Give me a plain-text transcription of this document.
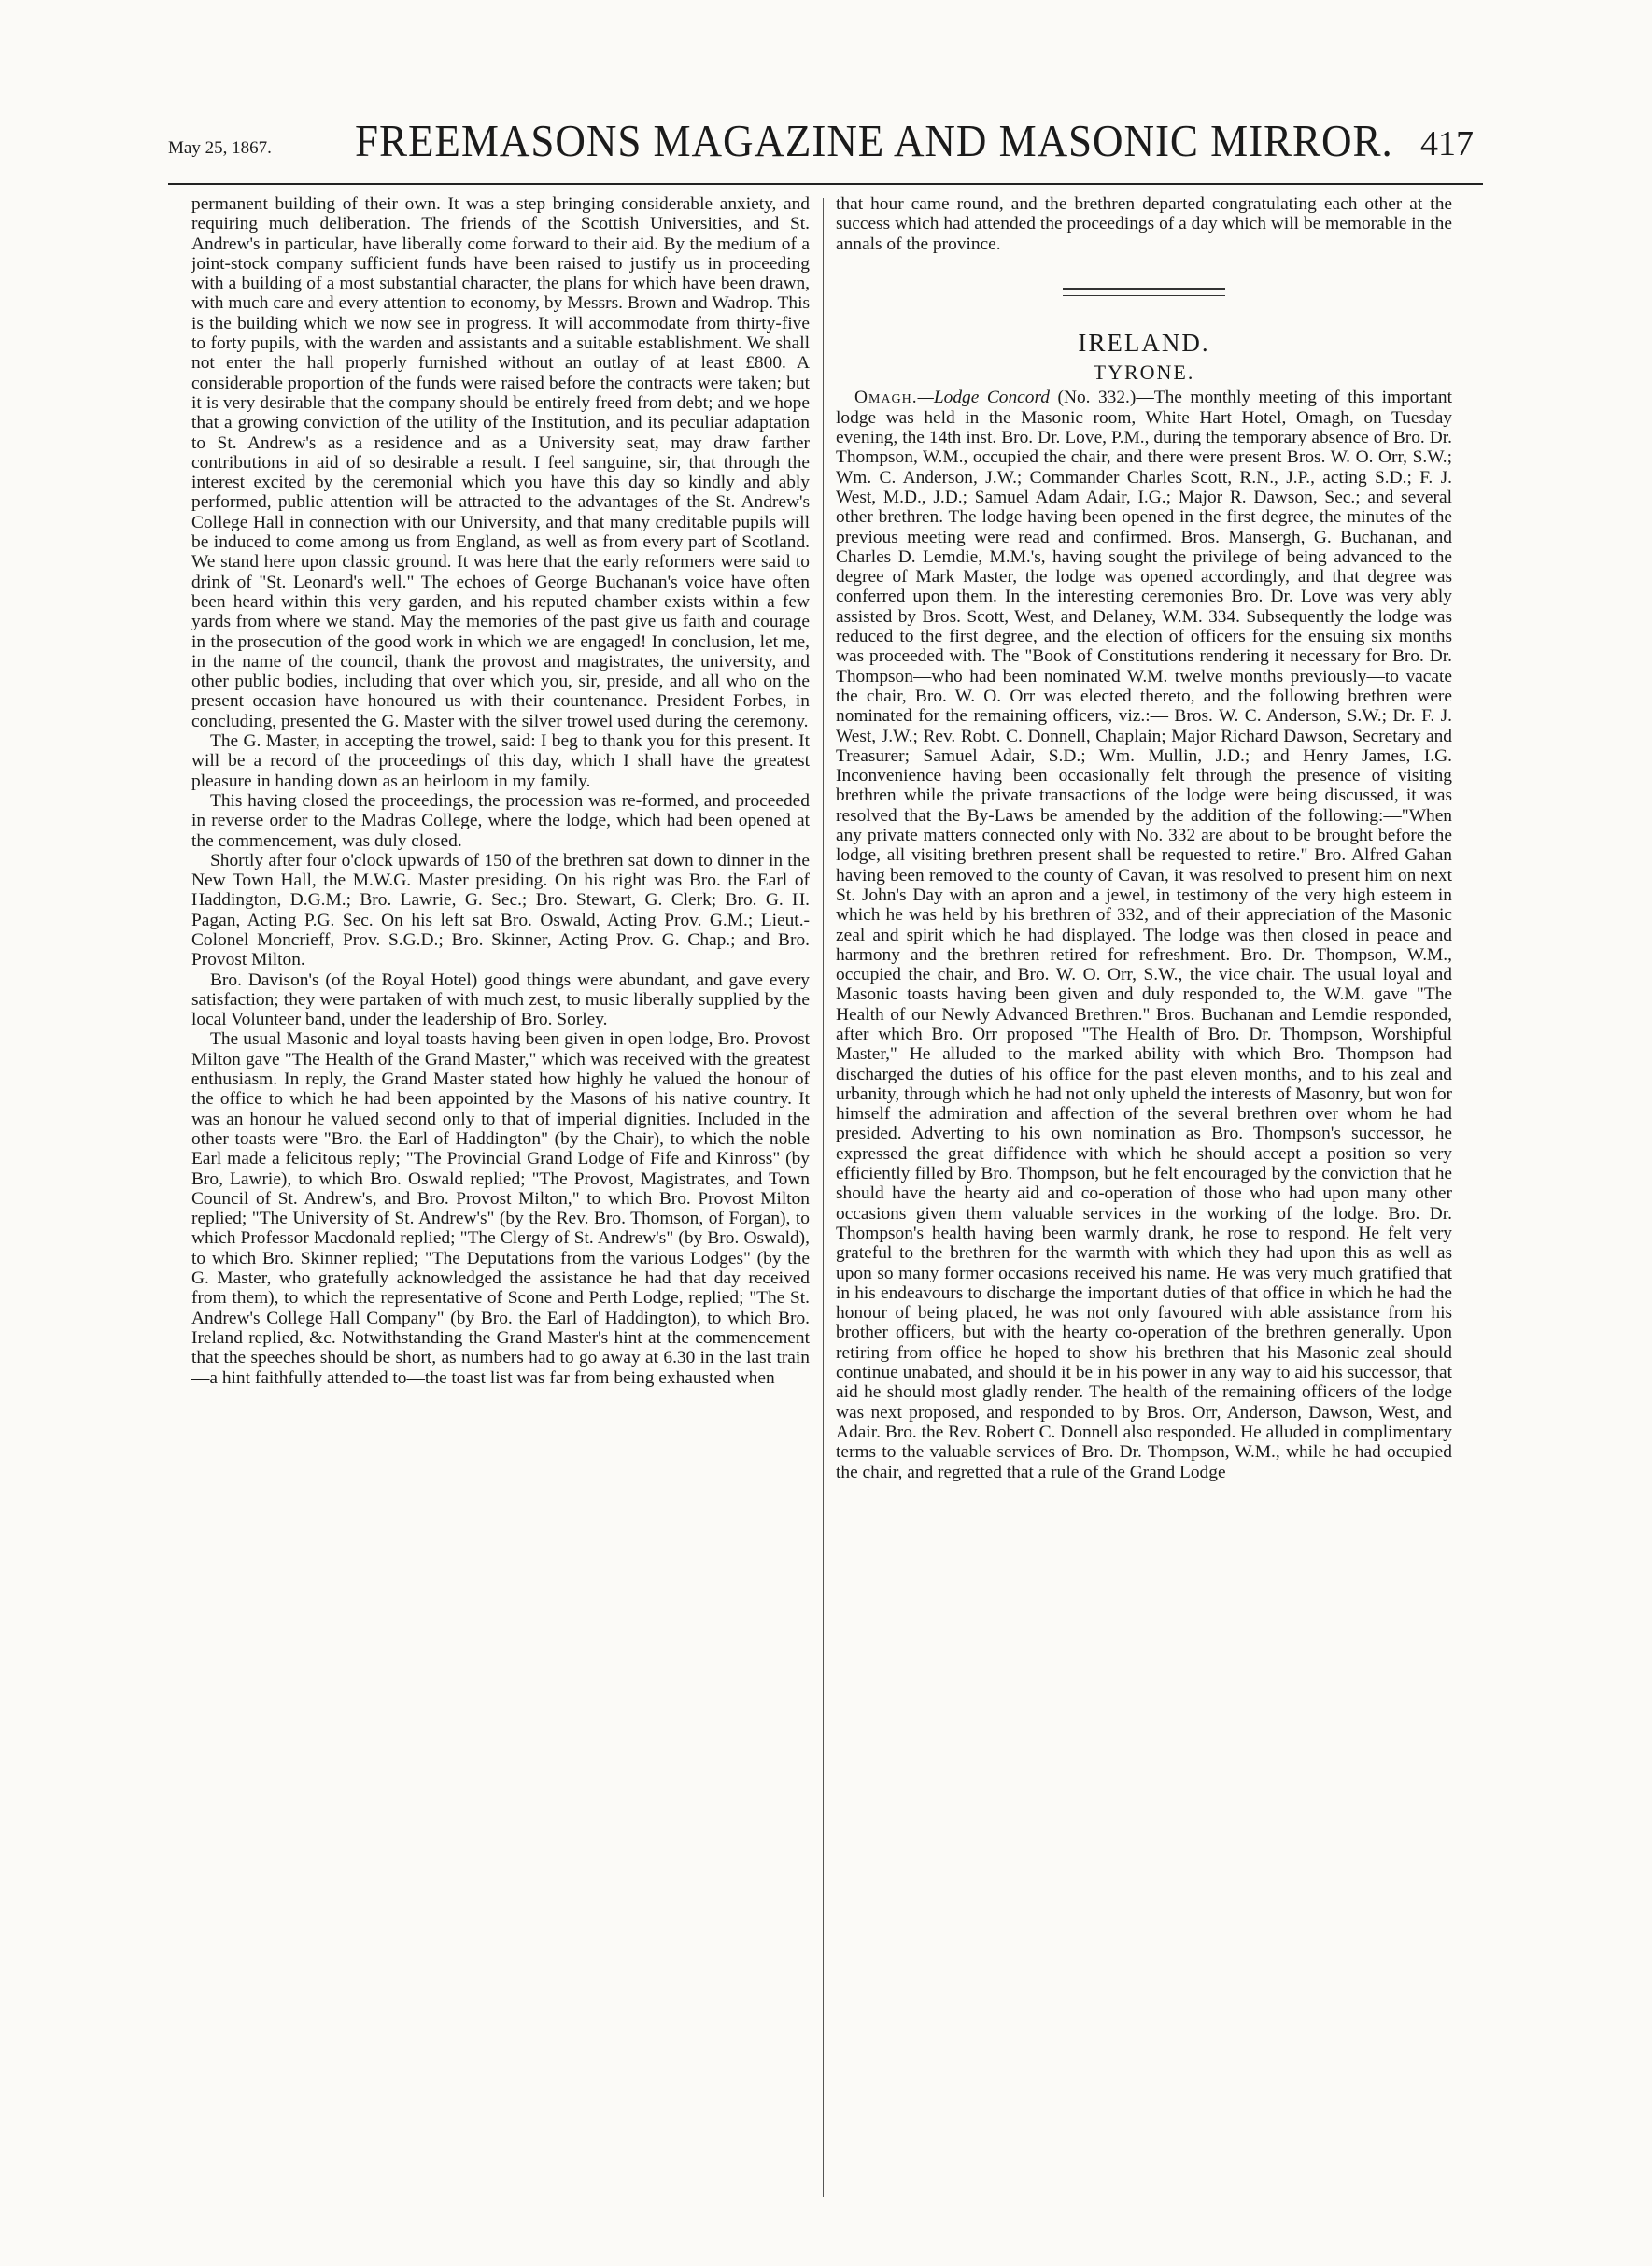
May 25, 1867. FREEMASONS MAGAZINE AND MASONIC MIRROR. 417

permanent building of their own. It was a step bringing considerable anxiety, and requiring much deliberation. The friends of the Scottish Universities, and St. Andrew's in particular, have liberally come forward to their aid. By the medium of a joint-stock company sufficient funds have been raised to justify us in proceeding with a building of a most substantial character, the plans for which have been drawn, with much care and every attention to economy, by Messrs. Brown and Wadrop. This is the building which we now see in progress. It will accommodate from thirty-five to forty pupils, with the warden and assistants and a suitable establishment. We shall not enter the hall properly furnished without an outlay of at least £800. A considerable proportion of the funds were raised before the contracts were taken; but it is very desirable that the company should be entirely freed from debt; and we hope that a growing conviction of the utility of the Institution, and its peculiar adaptation to St. Andrew's as a residence and as a University seat, may draw farther contributions in aid of so desirable a result. I feel sanguine, sir, that through the interest excited by the ceremonial which you have this day so kindly and ably performed, public attention will be attracted to the advantages of the St. Andrew's College Hall in connection with our University, and that many creditable pupils will be induced to come among us from England, as well as from every part of Scotland. We stand here upon classic ground. It was here that the early reformers were said to drink of "St. Leonard's well." The echoes of George Buchanan's voice have often been heard within this very garden, and his reputed chamber exists within a few yards from where we stand. May the memories of the past give us faith and courage in the prosecution of the good work in which we are engaged! In conclusion, let me, in the name of the council, thank the provost and magistrates, the university, and other public bodies, including that over which you, sir, preside, and all who on the present occasion have honoured us with their countenance. President Forbes, in concluding, presented the G. Master with the silver trowel used during the ceremony.

The G. Master, in accepting the trowel, said: I beg to thank you for this present. It will be a record of the proceedings of this day, which I shall have the greatest pleasure in handing down as an heirloom in my family.

This having closed the proceedings, the procession was re-formed, and proceeded in reverse order to the Madras College, where the lodge, which had been opened at the commencement, was duly closed.

Shortly after four o'clock upwards of 150 of the brethren sat down to dinner in the New Town Hall, the M.W.G. Master presiding. On his right was Bro. the Earl of Haddington, D.G.M.; Bro. Lawrie, G. Sec.; Bro. Stewart, G. Clerk; Bro. G. H. Pagan, Acting P.G. Sec. On his left sat Bro. Oswald, Acting Prov. G.M.; Lieut.-Colonel Moncrieff, Prov. S.G.D.; Bro. Skinner, Acting Prov. G. Chap.; and Bro. Provost Milton.

Bro. Davison's (of the Royal Hotel) good things were abundant, and gave every satisfaction; they were partaken of with much zest, to music liberally supplied by the local Volunteer band, under the leadership of Bro. Sorley.

The usual Masonic and loyal toasts having been given in open lodge, Bro. Provost Milton gave "The Health of the Grand Master," which was received with the greatest enthusiasm. In reply, the Grand Master stated how highly he valued the honour of the office to which he had been appointed by the Masons of his native country. It was an honour he valued second only to that of imperial dignities. Included in the other toasts were "Bro. the Earl of Haddington" (by the Chair), to which the noble Earl made a felicitous reply; "The Provincial Grand Lodge of Fife and Kinross" (by Bro, Lawrie), to which Bro. Oswald replied; "The Provost, Magistrates, and Town Council of St. Andrew's, and Bro. Provost Milton," to which Bro. Provost Milton replied; "The University of St. Andrew's" (by the Rev. Bro. Thomson, of Forgan), to which Professor Macdonald replied; "The Clergy of St. Andrew's" (by Bro. Oswald), to which Bro. Skinner replied; "The Deputations from the various Lodges" (by the G. Master, who gratefully acknowledged the assistance he had that day received from them), to which the representative of Scone and Perth Lodge, replied; "The St. Andrew's College Hall Company" (by Bro. the Earl of Haddington), to which Bro. Ireland replied, &c. Notwithstanding the Grand Master's hint at the commencement that the speeches should be short, as numbers had to go away at 6.30 in the last train—a hint faithfully attended to—the toast list was far from being exhausted when

that hour came round, and the brethren departed congratulating each other at the success which had attended the proceedings of a day which will be memorable in the annals of the province.

IRELAND.
TYRONE.

Omagh.—Lodge Concord (No. 332.)—The monthly meeting of this important lodge was held in the Masonic room, White Hart Hotel, Omagh, on Tuesday evening, the 14th inst. Bro. Dr. Love, P.M., during the temporary absence of Bro. Dr. Thompson, W.M., occupied the chair, and there were present Bros. W. O. Orr, S.W.; Wm. C. Anderson, J.W.; Commander Charles Scott, R.N., J.P., acting S.D.; F. J. West, M.D., J.D.; Samuel Adam Adair, I.G.; Major R. Dawson, Sec.; and several other brethren. The lodge having been opened in the first degree, the minutes of the previous meeting were read and confirmed. Bros. Mansergh, G. Buchanan, and Charles D. Lemdie, M.M.'s, having sought the privilege of being advanced to the degree of Mark Master, the lodge was opened accordingly, and that degree was conferred upon them. In the interesting ceremonies Bro. Dr. Love was very ably assisted by Bros. Scott, West, and Delaney, W.M. 334. Subsequently the lodge was reduced to the first degree, and the election of officers for the ensuing six months was proceeded with. The "Book of Constitutions rendering it necessary for Bro. Dr. Thompson—who had been nominated W.M. twelve months previously—to vacate the chair, Bro. W. O. Orr was elected thereto, and the following brethren were nominated for the remaining officers, viz.:— Bros. W. C. Anderson, S.W.; Dr. F. J. West, J.W.; Rev. Robt. C. Donnell, Chaplain; Major Richard Dawson, Secretary and Treasurer; Samuel Adair, S.D.; Wm. Mullin, J.D.; and Henry James, I.G. Inconvenience having been occasionally felt through the presence of visiting brethren while the private transactions of the lodge were being discussed, it was resolved that the By-Laws be amended by the addition of the following:—"When any private matters connected only with No. 332 are about to be brought before the lodge, all visiting brethren present shall be requested to retire." Bro. Alfred Gahan having been removed to the county of Cavan, it was resolved to present him on next St. John's Day with an apron and a jewel, in testimony of the very high esteem in which he was held by his brethren of 332, and of their appreciation of the Masonic zeal and spirit which he had displayed. The lodge was then closed in peace and harmony and the brethren retired for refreshment. Bro. Dr. Thompson, W.M., occupied the chair, and Bro. W. O. Orr, S.W., the vice chair. The usual loyal and Masonic toasts having been given and duly responded to, the W.M. gave "The Health of our Newly Advanced Brethren." Bros. Buchanan and Lemdie responded, after which Bro. Orr proposed "The Health of Bro. Dr. Thompson, Worshipful Master," He alluded to the marked ability with which Bro. Thompson had discharged the duties of his office for the past eleven months, and to his zeal and urbanity, through which he had not only upheld the interests of Masonry, but won for himself the admiration and affection of the several brethren over whom he had presided. Adverting to his own nomination as Bro. Thompson's successor, he expressed the great diffidence with which he should accept a position so very efficiently filled by Bro. Thompson, but he felt encouraged by the conviction that he should have the hearty aid and co-operation of those who had upon many other occasions given them valuable services in the working of the lodge. Bro. Dr. Thompson's health having been warmly drank, he rose to respond. He felt very grateful to the brethren for the warmth with which they had upon this as well as upon so many former occasions received his name. He was very much gratified that in his endeavours to discharge the important duties of that office in which he had the honour of being placed, he was not only favoured with able assistance from his brother officers, but with the hearty co-operation of the brethren generally. Upon retiring from office he hoped to show his brethren that his Masonic zeal should continue unabated, and should it be in his power in any way to aid his successor, that aid he should most gladly render. The health of the remaining officers of the lodge was next proposed, and responded to by Bros. Orr, Anderson, Dawson, West, and Adair. Bro. the Rev. Robert C. Donnell also responded. He alluded in complimentary terms to the valuable services of Bro. Dr. Thompson, W.M., while he had occupied the chair, and regretted that a rule of the Grand Lodge
